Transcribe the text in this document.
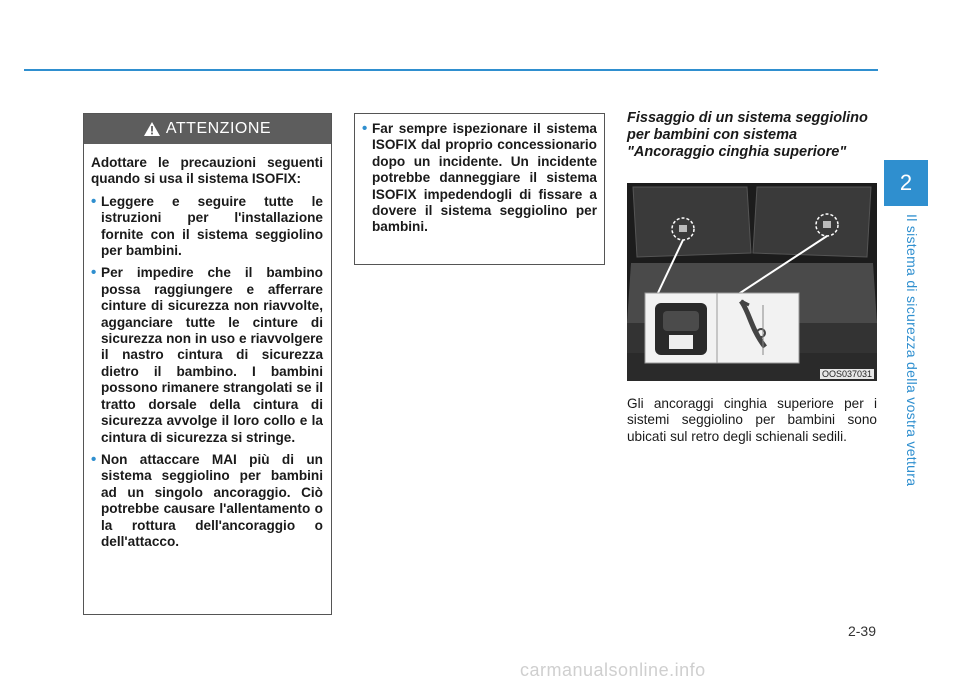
2
Il sistema di sicurezza della vostra vettura
ATTENZIONE

Adottare le precauzioni seguenti quando si usa il sistema ISOFIX:

• Leggere e seguire tutte le istruzioni per l'installazione fornite con il sistema seggiolino per bambini.
• Per impedire che il bambino possa raggiungere e afferrare cinture di sicurezza non riavvolte, agganciare tutte le cinture di sicurezza non in uso e riavvolgere il nastro cintura di sicurezza dietro il bambino. I bambini possono rimanere strangolati se il tratto dorsale della cintura di sicurezza avvolge il loro collo e la cintura di sicurezza si stringe.
• Non attaccare MAI più di un sistema seggiolino per bambini ad un singolo ancoraggio. Ciò potrebbe causare l'allentamento o la rottura dell'ancoraggio o dell'attacco.
• Far sempre ispezionare il sistema ISOFIX dal proprio concessionario dopo un incidente. Un incidente potrebbe danneggiare il sistema ISOFIX impedendogli di fissare a dovere il sistema seggiolino per bambini.
Fissaggio di un sistema seggiolino per bambini con sistema "Ancoraggio cinghia superiore"
OOS037031
Gli ancoraggi cinghia superiore per i sistemi seggiolino per bambini sono ubicati sul retro degli schienali sedili.
2-39
carmanualsonline.info
